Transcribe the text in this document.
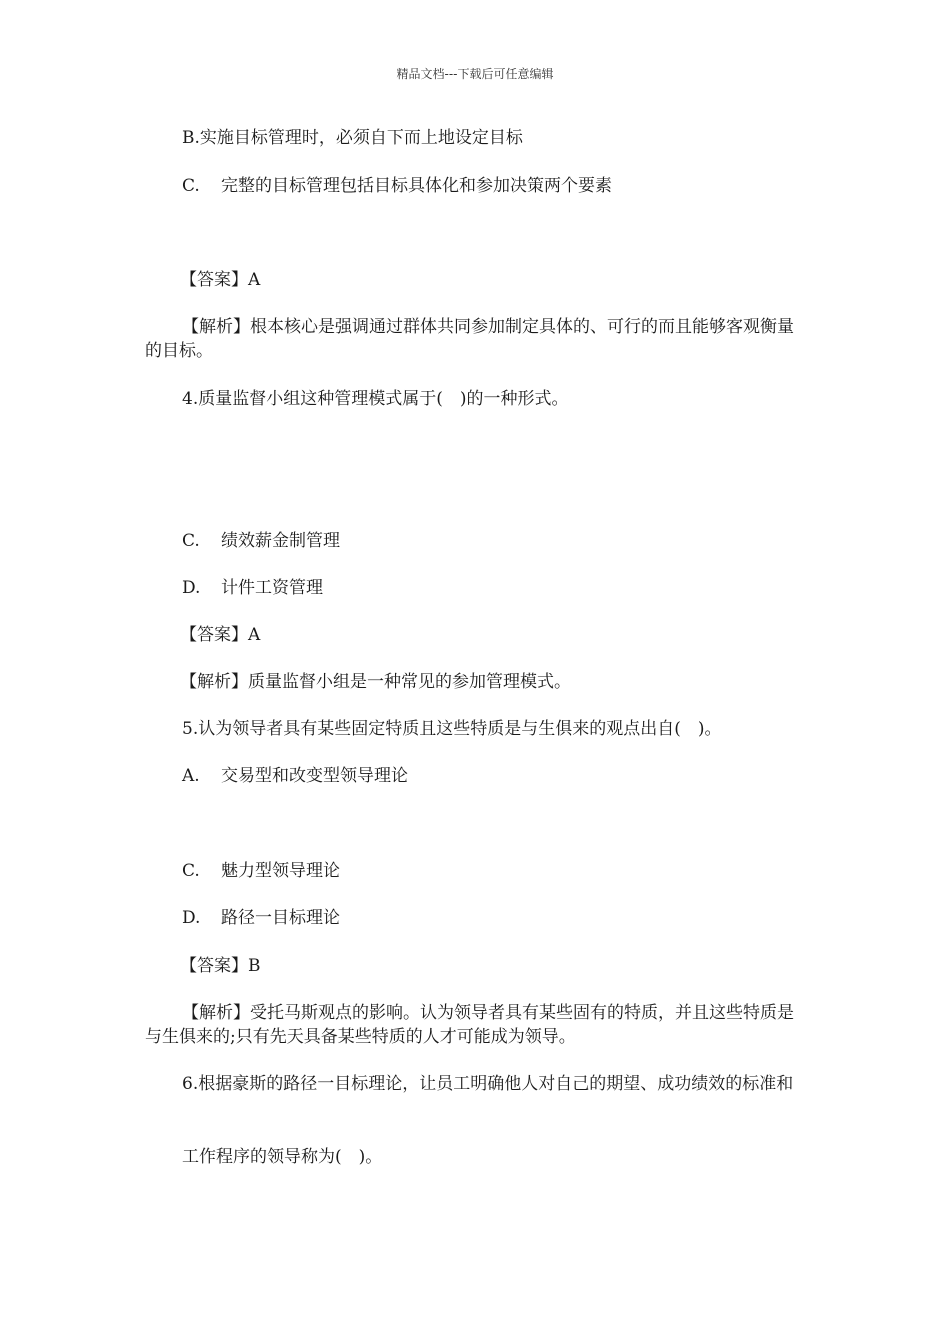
精品文档---下载后可任意编辑
B.实施目标管理时，必须自下而上地设定目标
C. 完整的目标管理包括目标具体化和参加决策两个要素
【答案】A
【解析】根本核心是强调通过群体共同参加制定具体的、可行的而且能够客观衡量的目标。
4.质量监督小组这种管理模式属于(　)的一种形式。
C. 绩效薪金制管理
D. 计件工资管理
【答案】A
【解析】质量监督小组是一种常见的参加管理模式。
5.认为领导者具有某些固定特质且这些特质是与生俱来的观点出自(　)。
A. 交易型和改变型领导理论
C. 魅力型领导理论
D. 路径一目标理论
【答案】B
【解析】受托马斯观点的影响。认为领导者具有某些固有的特质，并且这些特质是与生俱来的;只有先天具备某些特质的人才可能成为领导。
6.根据豪斯的路径一目标理论，让员工明确他人对自己的期望、成功绩效的标准和
工作程序的领导称为(　)。
